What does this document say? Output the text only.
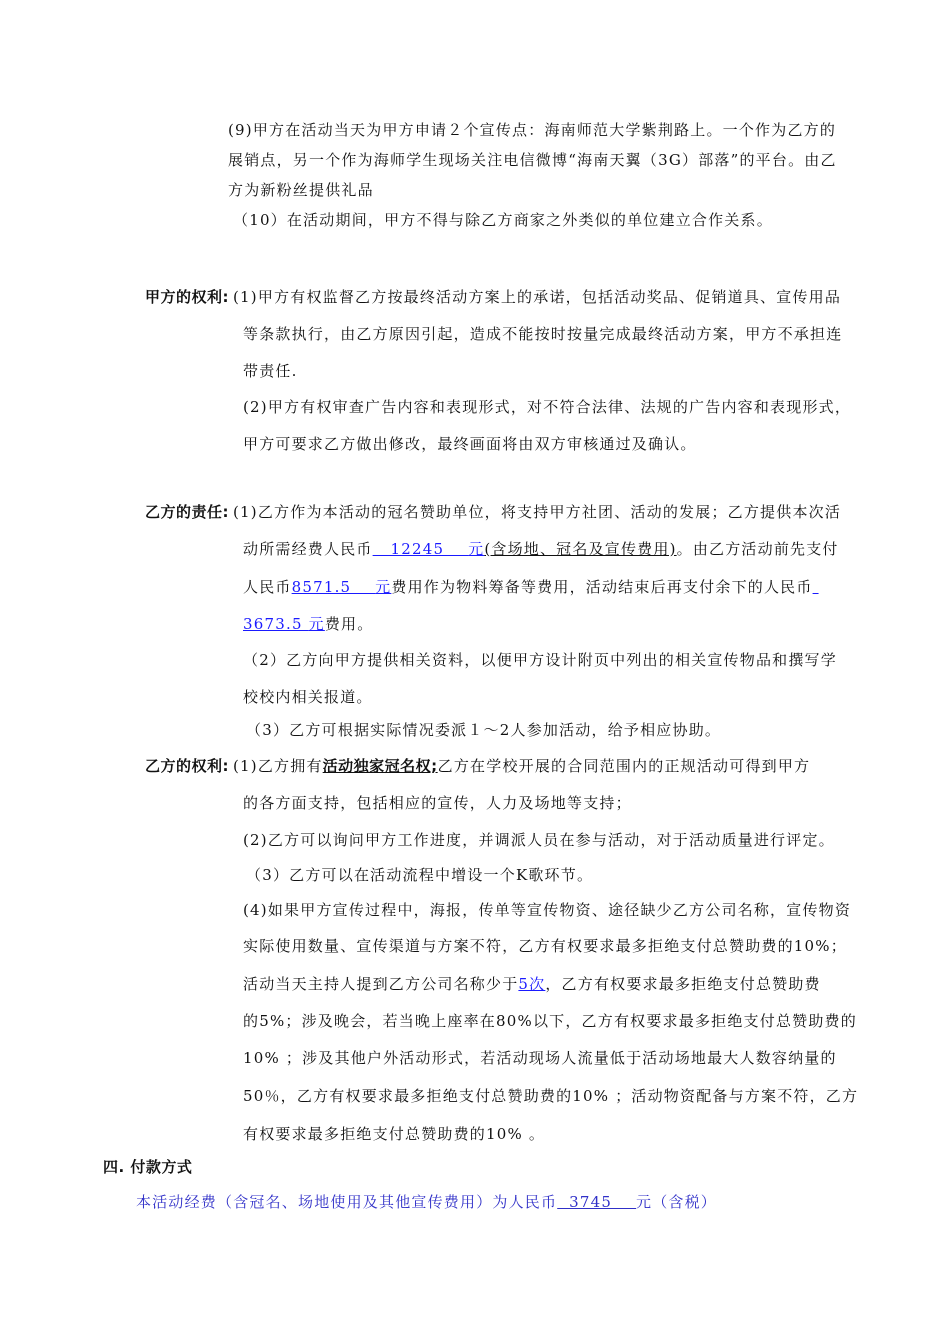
(9)甲方在活动当天为甲方申请２个宣传点：海南师范大学紫荆路上。一个作为乙方的
展销点，另一个作为海师学生现场关注电信微博“海南天翼（3G）部落”的平台。由乙
方为新粉丝提供礼品
（10）在活动期间，甲方不得与除乙方商家之外类似的单位建立合作关系。
甲方的权利: (1)甲方有权监督乙方按最终活动方案上的承诺，包括活动奖品、促销道具、宣传用品
等条款执行，由乙方原因引起，造成不能按时按量完成最终活动方案，甲方不承担连
带责任.
(2)甲方有权审查广告内容和表现形式，对不符合法律、法规的广告内容和表现形式，
甲方可要求乙方做出修改，最终画面将由双方审核通过及确认。
乙方的责任: (1)乙方作为本活动的冠名赞助单位，将支持甲方社团、活动的发展；乙方提供本次活
动所需经费人民币   12245    元(含场地、冠名及宣传费用)。由乙方活动前先支付
人民币8571.5    元费用作为物料筹备等费用，活动结束后再支付余下的人民币
3673.5 元费用。
（2）乙方向甲方提供相关资料，以便甲方设计附页中列出的相关宣传物品和撰写学
校校内相关报道。
（3）乙方可根据实际情况委派１～2人参加活动，给予相应协助。
乙方的权利: (1)乙方拥有活动独家冠名权;乙方在学校开展的合同范围内的正规活动可得到甲方
的各方面支持，包括相应的宣传，人力及场地等支持；
(2)乙方可以询问甲方工作进度，并调派人员在参与活动，对于活动质量进行评定。
（3）乙方可以在活动流程中增设一个K歌环节。
(4)如果甲方宣传过程中，海报，传单等宣传物资、途径缺少乙方公司名称，宣传物资
实际使用数量、宣传渠道与方案不符，乙方有权要求最多拒绝支付总赞助费的10%；
活动当天主持人提到乙方公司名称少于5次，乙方有权要求最多拒绝支付总赞助费
的5%；涉及晚会，若当晚上座率在80%以下，乙方有权要求最多拒绝支付总赞助费的
10% ；涉及其他户外活动形式，若活动现场人流量低于活动场地最大人数容纳量的
50％，乙方有权要求最多拒绝支付总赞助费的10% ；活动物资配备与方案不符，乙方
有权要求最多拒绝支付总赞助费的10% 。
四. 付款方式
本活动经费（含冠名、场地使用及其他宣传费用）为人民币  3745    元（含税）
